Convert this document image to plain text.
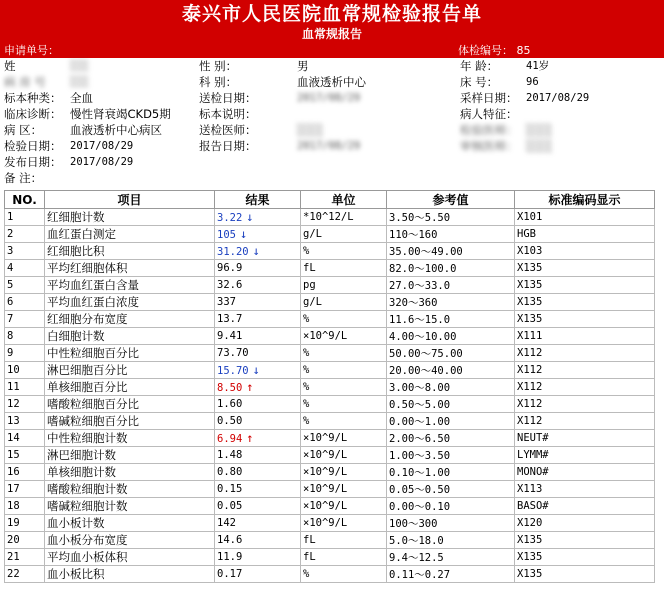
泰兴市人民医院血常规检验报告单
血常规报告
申请单号：	体检编号： 85
姓	░░░	性 别：	男	年 龄：	41岁
病 房 号 ░░░	科 别：	血液透析中心	床 号：	96
标本种类： 全血	送检日期：	2017/08/29	采样日期： 2017/08/29
临床诊断： 慢性肾衰竭CKD5期 标本说明：	病人特征：
病 区： 血液透析中心病区	送检医师：	░░░	检验医师： ░░░
检验日期： 2017/08/29	报告日期：	2017/08/29	审核医师： ░░░
发布日期： 2017/08/29
备 注：
NO.	项目	结果	单位	参考值	标准编码显示
1	红细胞计数	3.22 ↓	*10^12/L	3.50～5.50	X101
2	血红蛋白测定	105 ↓	g/L	110～160	HGB
3	红细胞比积	31.20 ↓	%	35.00～49.00	X103
4	平均红细胞体积	96.9	fL	82.0～100.0	X135
5	平均血红蛋白含量	32.6	pg	27.0～33.0	X135
6	平均血红蛋白浓度	337	g/L	320～360	X135
7	红细胞分布宽度	13.7	%	11.6～15.0	X135
8	白细胞计数	9.41	×10^9/L	4.00～10.00	X111
9	中性粒细胞百分比	73.70	%	50.00～75.00	X112
10	淋巴细胞百分比	15.70 ↓	%	20.00～40.00	X112
11	单核细胞百分比	8.50 ↑	%	3.00～8.00	X112
12	嗜酸粒细胞百分比	1.60	%	0.50～5.00	X112
13	嗜碱粒细胞百分比	0.50	%	0.00～1.00	X112
14	中性粒细胞计数	6.94 ↑	×10^9/L	2.00～6.50	NEUT#
15	淋巴细胞计数	1.48	×10^9/L	1.00～3.50	LYMM#
16	单核细胞计数	0.80	×10^9/L	0.10～1.00	MONO#
17	嗜酸粒细胞计数	0.15	×10^9/L	0.05～0.50	X113
18	嗜碱粒细胞计数	0.05	×10^9/L	0.00～0.10	BASO#
19	血小板计数	142	×10^9/L	100～300	X120
20	血小板分布宽度	14.6	fL	5.0～18.0	X135
21	平均血小板体积	11.9	fL	9.4～12.5	X135
22	血小板比积	0.17	%	0.11～0.27	X135
